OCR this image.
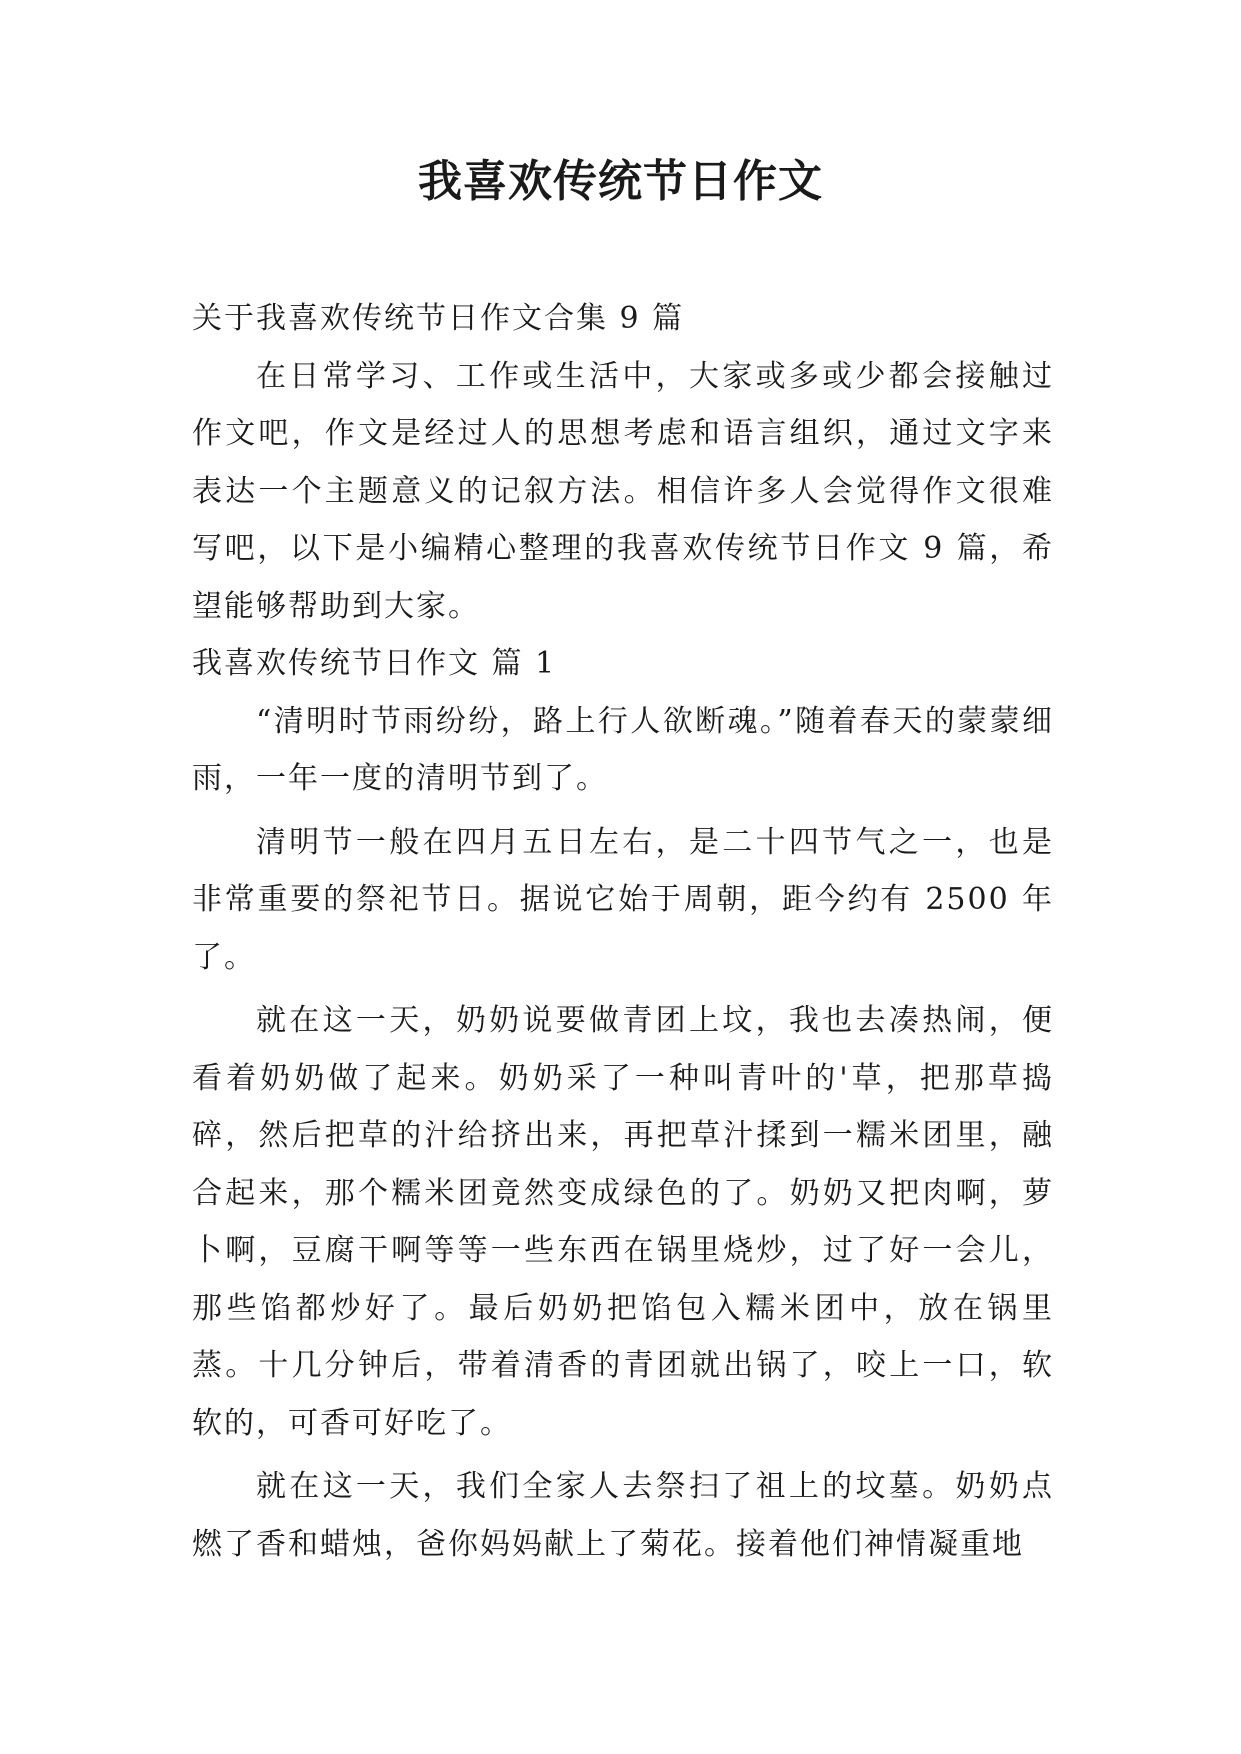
我喜欢传统节日作文

关于我喜欢传统节日作文合集 9 篇

在日常学习、工作或生活中，大家或多或少都会接触过作文吧，作文是经过人的思想考虑和语言组织，通过文字来表达一个主题意义的记叙方法。相信许多人会觉得作文很难写吧，以下是小编精心整理的我喜欢传统节日作文 9 篇，希望能够帮助到大家。

我喜欢传统节日作文 篇 1

“清明时节雨纷纷，路上行人欲断魂。”随着春天的蒙蒙细雨，一年一度的清明节到了。

清明节一般在四月五日左右，是二十四节气之一，也是非常重要的祭祀节日。据说它始于周朝，距今约有 2500 年了。

就在这一天，奶奶说要做青团上坟，我也去凑热闹，便看着奶奶做了起来。奶奶采了一种叫青叶的'草，把那草捣碎，然后把草的汁给挤出来，再把草汁揉到一糯米团里，融合起来，那个糯米团竟然变成绿色的了。奶奶又把肉啊，萝卜啊，豆腐干啊等等一些东西在锅里烧炒，过了好一会儿，那些馅都炒好了。最后奶奶把馅包入糯米团中，放在锅里蒸。十几分钟后，带着清香的青团就出锅了，咬上一口，软软的，可香可好吃了。

就在这一天，我们全家人去祭扫了祖上的坟墓。奶奶点燃了香和蜡烛，爸你妈妈献上了菊花。接着他们神情凝重地
